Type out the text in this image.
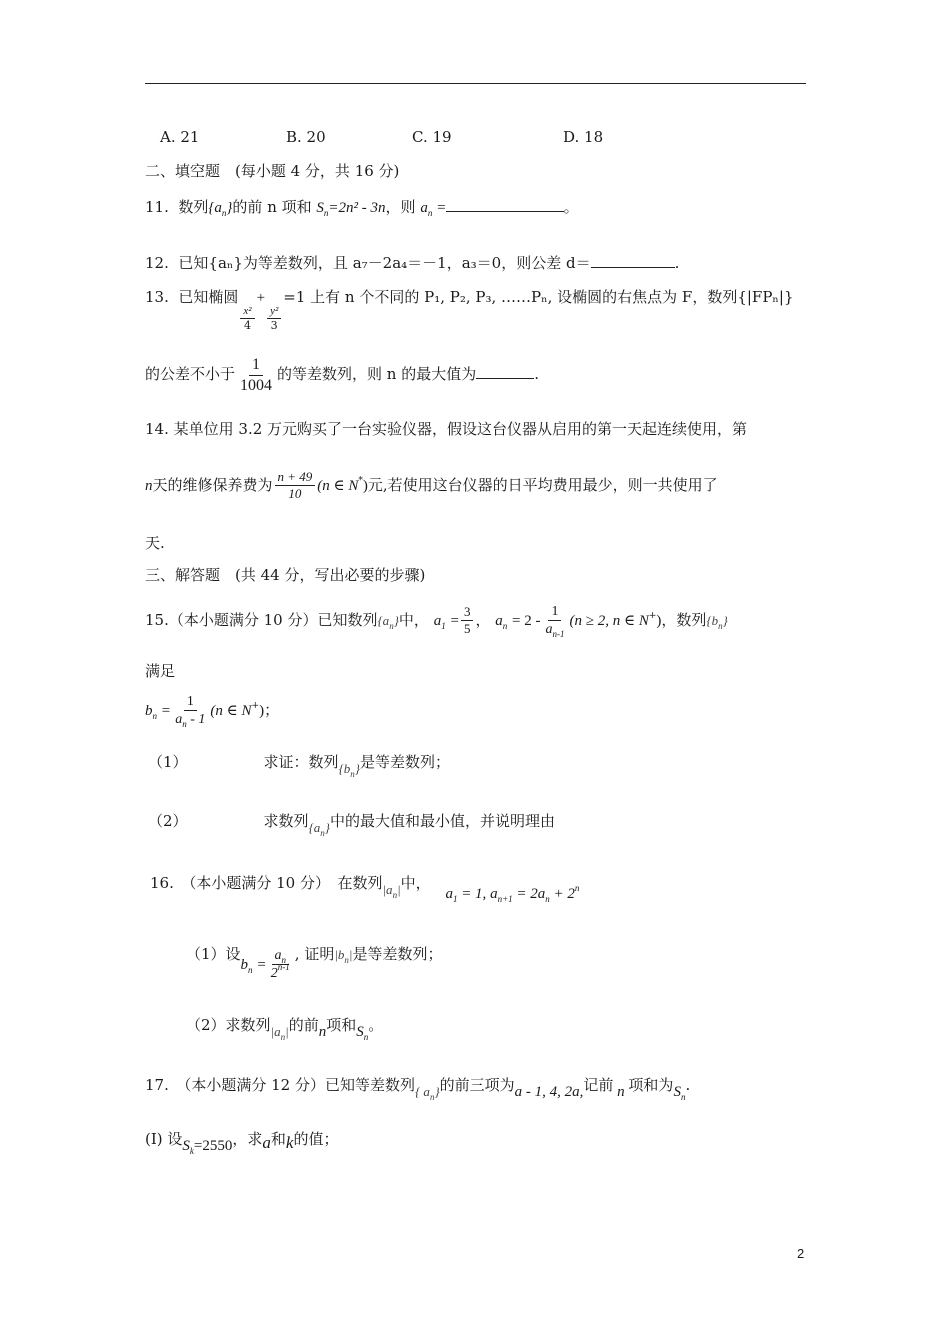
A. 21	B. 20	C. 19	D. 18
二、填空题　(每小题 4 分，共 16 分)
11. 数列$\{a_n\}$的前 n 项和 $S_n=2n^2 - 3n$，则 $a_n$ =	。
12. 已知{aₙ}为等差数列，且 a₇－2a₄＝－1，a₃＝0，则公差 d＝	.
13. 已知椭圆
$\frac{\text{x²}}{4}$
+
$\frac{\text{y²}}{3}$
=1 上有 n 个不同的 P₁, P₂, P₃, ……Pₙ, 设椭圆的右焦点为 F，数列{|FPₙ|}
的公差不小于 $\frac{1}{1004}$ 的等差数列，则 n 的最大值为	.
14. 某单位用 3.2 万元购买了一台实验仪器，假设这台仪器从启用的第一天起连续使用，第
n天的维修保养费为 $\frac{n + 49}{10} (n$ ∈ N*)元,若使用这台仪器的日平均费用最少，则一共使用了
天.
三、解答题　(共 44 分，写出必要的步骤)
15.（本小题满分 10 分）已知数列$\{a_n\}$中， $a_1 = \frac{3}{5}$ ， $a_n = 2 - \frac{1}{a_{n-1}} (n \ge 2$, n ∈ N+)，数列$\{b_n\}$
满足
$b_n = \frac{1}{a_n - 1} (n$ ∈ N+)；
（1）	求证：数列$\{b_n\}$是等差数列；
（2）	求数列$\{a_n\}$中的最大值和最小值，并说明理由
16.　（本小题满分 10 分）　在数列$|a_n|$中， $a_1 = 1$, $a_{n+1} = 2a_n + 2^n$
（1）设$b_n = \frac{a_n}{2^{n-1}}$ , 证明$|b_n|$是等差数列；
（2）求数列$|a_n|$的前n项和$S_n$。
17.　（本小题满分 12 分）已知等差数列{ $a_n$}的前三项为a - 1, 4, 2a,记前 n 项和为$S_n$.
(Ⅰ) 设$S_k=2550$，求a和k的值；
2
